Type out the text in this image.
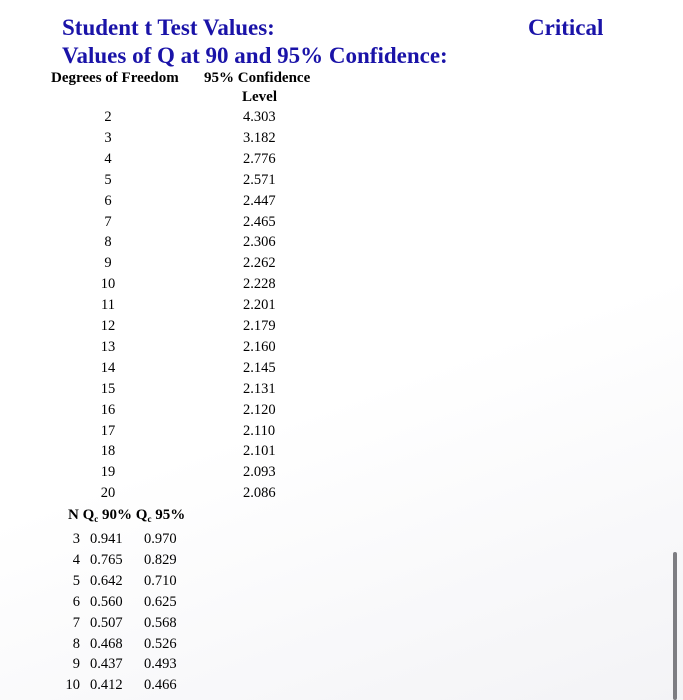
Student t Test Values:
Values of Q at 90 and 95% Confidence:
Critical
Degrees of Freedom 95% Confidence
Level
2	4.303
3	3.182
4	2.776
5	2.571
6	2.447
7	2.465
8	2.306
9	2.262
10	2.228
11	2.201
12	2.179
13	2.160
14	2.145
15	2.131
16	2.120
17	2.110
18	2.101
19	2.093
20	2.086
N $Q_c$ 90% $Q_c$ 95%
3 0.941 0.970
4 0.765 0.829
5 0.642 0.710
6 0.560 0.625
7 0.507 0.568
8 0.468 0.526
9 0.437 0.493
10 0.412 0.466
